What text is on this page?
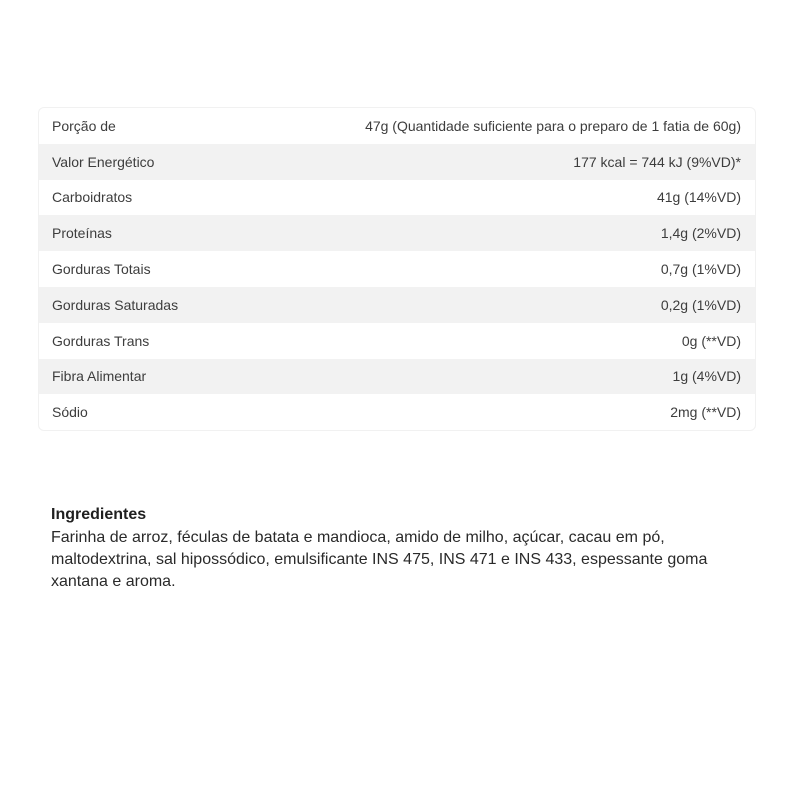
Porção de	47g (Quantidade suficiente para o preparo de 1 fatia de 60g)
Valor Energético	177 kcal = 744 kJ (9%VD)*
Carboidratos	41g (14%VD)
Proteínas	1,4g (2%VD)
Gorduras Totais	0,7g (1%VD)
Gorduras Saturadas	0,2g (1%VD)
Gorduras Trans	0g (**VD)
Fibra Alimentar	1g (4%VD)
Sódio	2mg (**VD)
Ingredientes

Farinha de arroz, féculas de batata e mandioca, amido de milho, açúcar, cacau em pó, maltodextrina, sal hipossódico, emulsificante INS 475, INS 471 e INS 433, espessante goma xantana e aroma.
